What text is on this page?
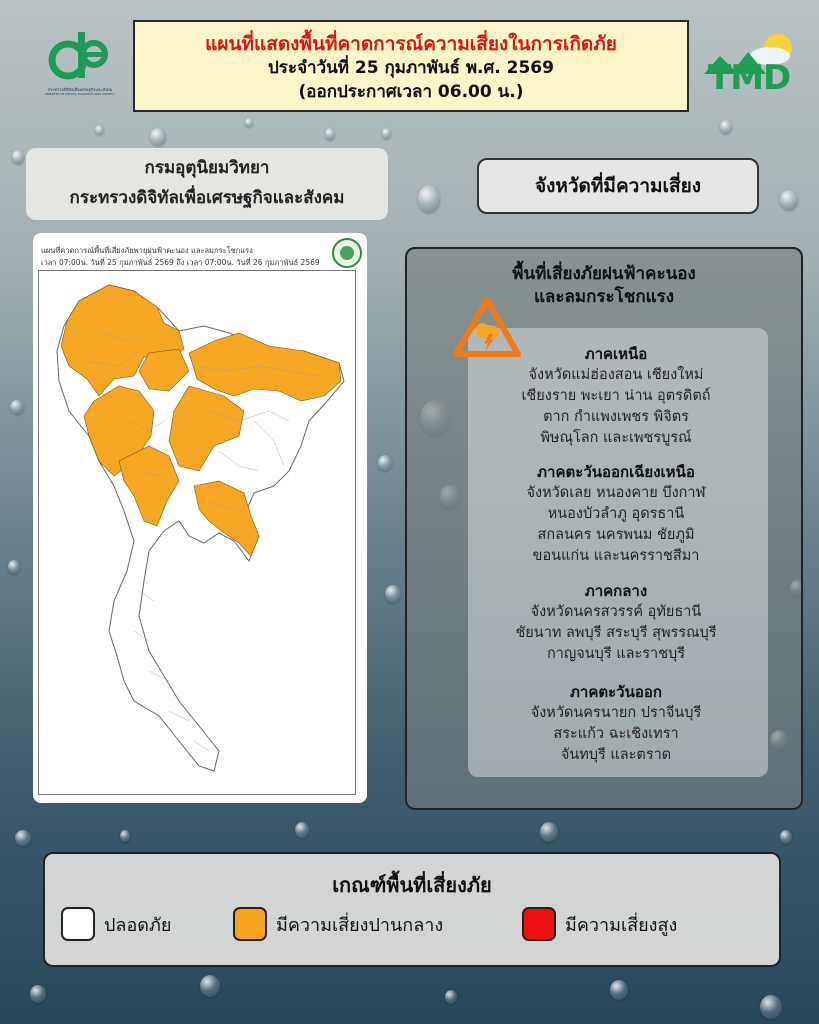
กระทรวงดิจิทัลเพื่อเศรษฐกิจและสังคม
MINISTRY OF DIGITAL ECONOMY AND SOCIETY	TMD
แผนที่แสดงพื้นที่คาดการณ์ความเสี่ยงในการเกิดภัย
ประจำวันที่ 25 กุมภาพันธ์ พ.ศ. 2569
(ออกประกาศเวลา 06.00 น.)
กรมอุตุนิยมวิทยา
กระทรวงดิจิทัลเพื่อเศรษฐกิจและสังคม
แผนที่คาดการณ์พื้นที่เสี่ยงภัยพายุฝนฟ้าคะนอง และลมกระโชกแรง
เวลา 07:00น. วันที่ 25 กุมภาพันธ์ 2569 ถึง เวลา 07:00น. วันที่ 26 กุมภาพันธ์ 2569
จังหวัดที่มีความเสี่ยง
พื้นที่เสี่ยงภัยฝนฟ้าคะนอง
และลมกระโชกแรง
ภาคเหนือ
จังหวัดแม่ฮ่องสอน เชียงใหม่
เชียงราย พะเยา น่าน อุตรดิตถ์
ตาก กำแพงเพชร พิจิตร
พิษณุโลก และเพชรบูรณ์
ภาคตะวันออกเฉียงเหนือ
จังหวัดเลย หนองคาย บึงกาฬ
หนองบัวลำภู อุดรธานี
สกลนคร นครพนม ชัยภูมิ
ขอนแก่น และนครราชสีมา
ภาคกลาง
จังหวัดนครสวรรค์ อุทัยธานี
ชัยนาท ลพบุรี สระบุรี สุพรรณบุรี
กาญจนบุรี และราชบุรี
ภาคตะวันออก
จังหวัดนครนายก ปราจีนบุรี
สระแก้ว ฉะเชิงเทรา
จันทบุรี และตราด
เกณฑ์พื้นที่เสี่ยงภัย
ปลอดภัย	มีความเสี่ยงปานกลาง	มีความเสี่ยงสูง
